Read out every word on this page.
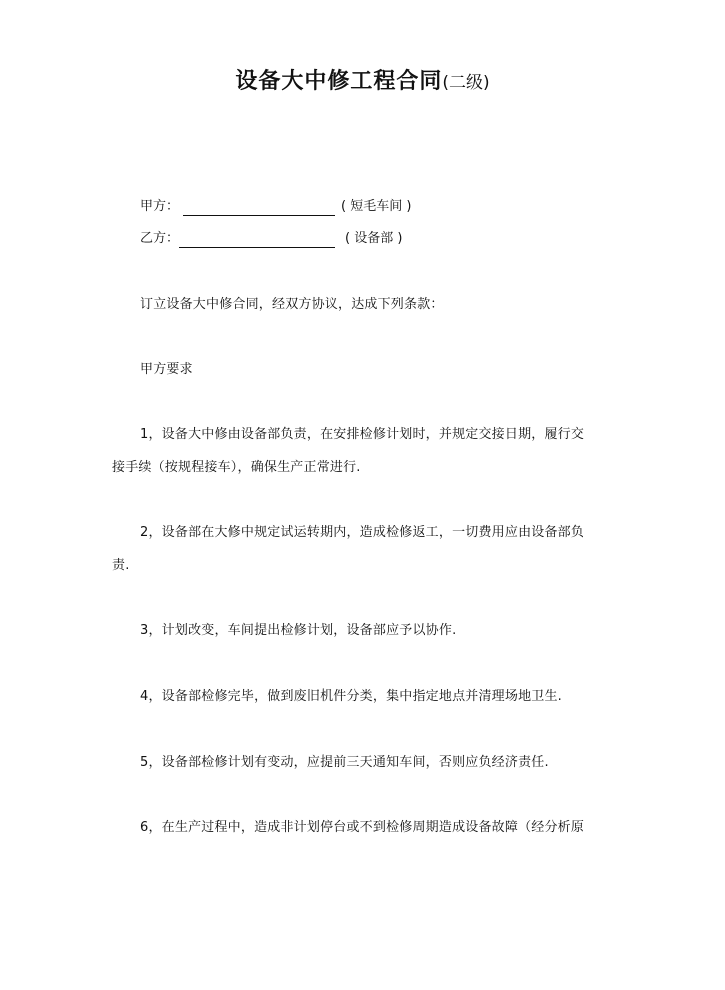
设备大中修工程合同(二级)
甲方：	( 短毛车间 )
乙方：	( 设备部 )
订立设备大中修合同，经双方协议，达成下列条款：
甲方要求
1，设备大中修由设备部负责，在安排检修计划时，并规定交接日期，履行交
接手续（按规程接车），确保生产正常进行.
2，设备部在大修中规定试运转期内，造成检修返工，一切费用应由设备部负
责.
3，计划改变，车间提出检修计划，设备部应予以协作.
4，设备部检修完毕，做到废旧机件分类，集中指定地点并清理场地卫生.
5，设备部检修计划有变动，应提前三天通知车间，否则应负经济责任.
6，在生产过程中，造成非计划停台或不到检修周期造成设备故障（经分析原
